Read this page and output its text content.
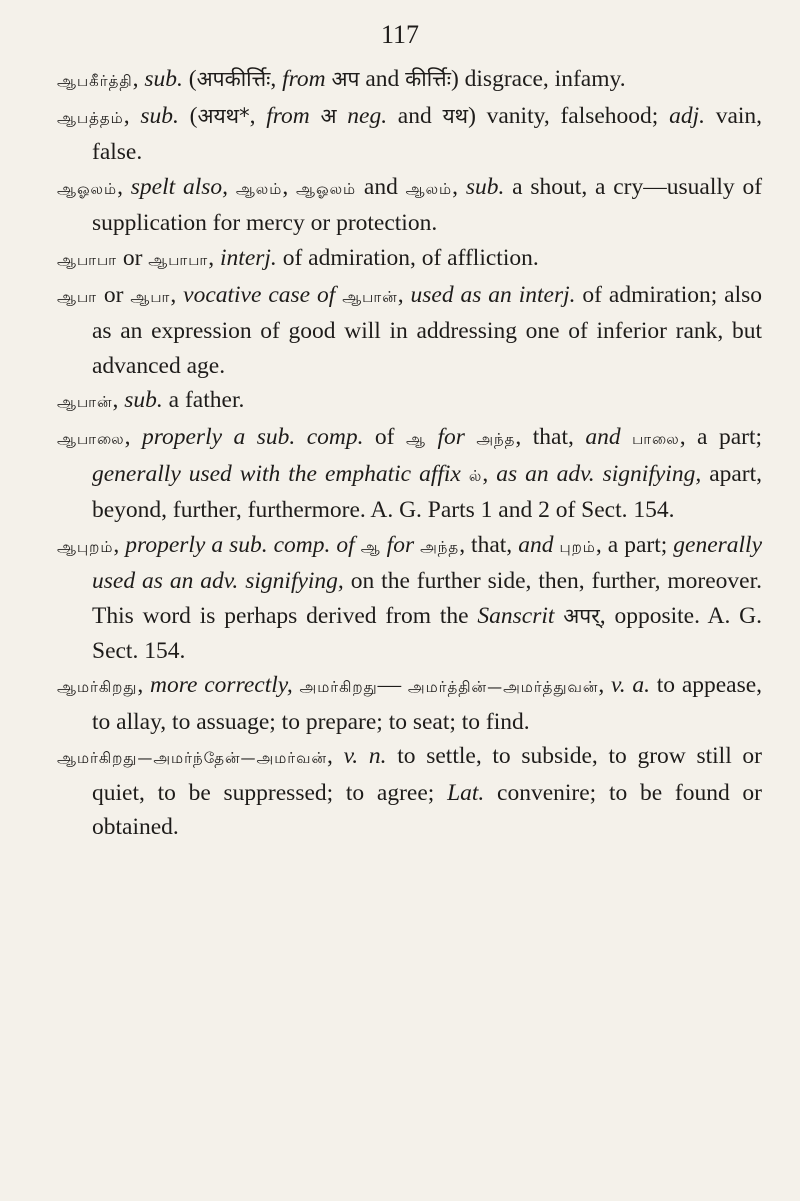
117

ஆபகீர்த்தி, sub. (अपकीर्त्तिः, from अप and कीर्त्तिः) disgrace, infamy.

ஆபத்தம், sub. (अयथ*, from अ neg. and यथ) vanity, falsehood; adj. vain, false.

ஆஓலம், spelt also, ஆலம், ஆஓலம் and ஆலம், sub. a shout, a cry—usually of supplication for mercy or protection.

ஆபாபா or ஆபாபா, interj. of admiration, of affliction.

ஆபா or ஆபா, vocative case of ஆபான், used as an interj. of admiration; also as an expression of good will in addressing one of inferior rank, but advanced age.

ஆபான், sub. a father.

ஆபாலை, properly a sub. comp. of ஆ for அந்த, that, and பாலை, a part; generally used with the emphatic affix ல், as an adv. signifying, apart, beyond, further, furthermore. A. G. Parts 1 and 2 of Sect. 154.

ஆபுறம், properly a sub. comp. of ஆ for அந்த, that, and புறம், a part; generally used as an adv. signifying, on the further side, then, further, moreover. This word is perhaps derived from the Sanscrit अपर्, opposite. A. G. Sect. 154.

ஆமர்கிறது, more correctly, அமர்கிறது— அமர்த்தின்—அமர்த்துவன், v. a. to appease, to allay, to assuage; to prepare; to seat; to find.

ஆமர்கிறது—அமர்ந்தேன்—அமர்வன், v. n. to settle, to subside, to grow still or quiet, to be suppressed; to agree; Lat. convenire; to be found or obtained.
